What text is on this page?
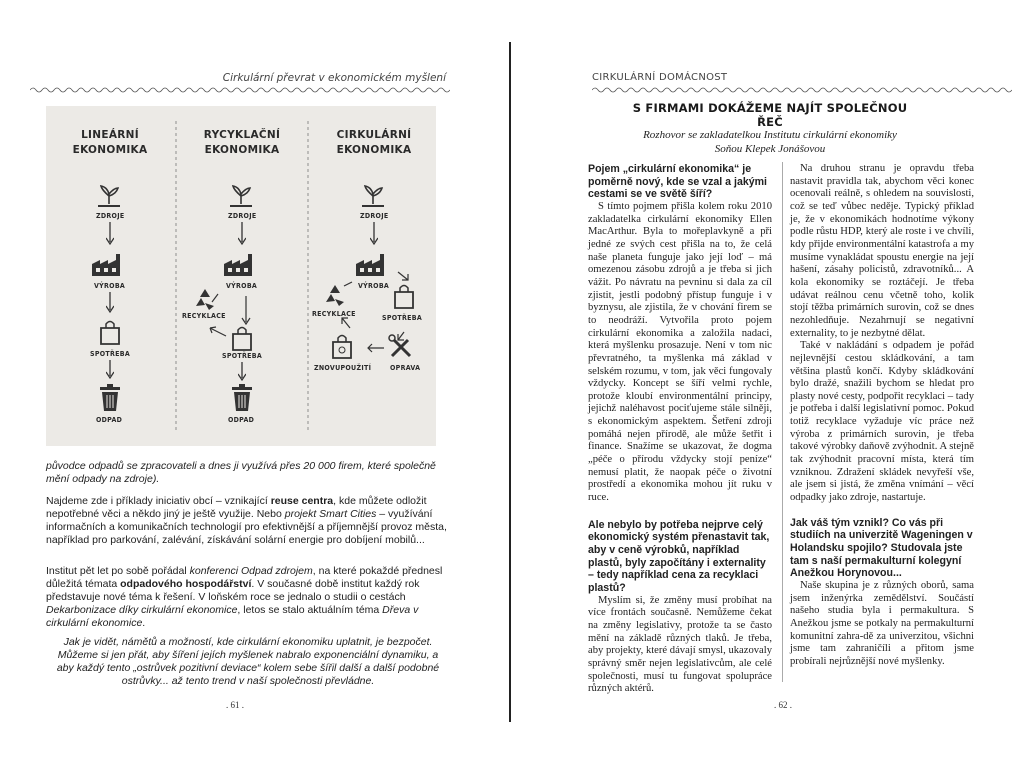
Cirkulární převrat v ekonomickém myšlení
LINEÁRNÍ
EKONOMIKA
ZDROJE
VÝROBA
SPOTŘEBA
ODPAD
RYCYKLAČNÍ
EKONOMIKA
ZDROJE
VÝROBA
RECYKLACE
SPOTŘEBA
ODPAD
CIRKULÁRNÍ
EKONOMIKA
ZDROJE
VÝROBA
RECYKLACE	SPOTŘEBA
ZNOVUPOUŽITÍ	OPRAVA
původce odpadů se zpracovateli a dnes ji využívá přes 20 000 firem, které společně mění odpady na zdroje).
Najdeme zde i příklady iniciativ obcí – vznikající reuse centra, kde můžete odložit nepotřebné věci a někdo jiný je ještě využije. Nebo projekt Smart Cities – využívání informačních a komunikačních technologií pro efektivnější a příjemnější provoz města, například pro parkování, zalévání, získávání solární energie pro dobíjení mobilů...
Institut pět let po sobě pořádal konferenci Odpad zdrojem, na které pokaždé přednesl důležitá témata odpadového hospodářství. V současné době institut každý rok představuje nové téma k řešení. V loňském roce se jednalo o studii o cestách Dekarbonizace díky cirkulární ekonomice, letos se stalo aktuálním téma Dřeva v cirkulární ekonomice.
Jak je vidět, námětů a možností, kde cirkulární ekonomiku uplatnit, je bezpočet. Můžeme si jen přát, aby šíření jejích myšlenek nabralo exponenciální dynamiku, a aby každý tento „ostrůvek pozitivní deviace“ kolem sebe šířil další a další podobné ostrůvky... až tento trend v naší společnosti převládne.
. 61 .
CIRKULÁRNÍ DOMÁCNOST
S FIRMAMI DOKÁŽEME NAJÍT SPOLEČNOU ŘEČ
Rozhovor se zakladatelkou Institutu cirkulární ekonomiky
Soňou Klepek Jonášovou

Pojem „cirkulární ekonomika“ je poměrně nový, kde se vzal a jakými cestami se ve světě šíří?

S tímto pojmem přišla kolem roku 2010 zakladatelka cirkulární ekonomiky Ellen MacArthur. Byla to mořeplavkyně a při jedné ze svých cest přišla na to, že celá naše planeta funguje jako její loď – má omezenou zásobu zdrojů a je třeba si jich vážit. Po návratu na pevninu si dala za cíl zjistit, jestli podobný přístup funguje i v byznysu, ale zjistila, že v chování firem se to neodráží. Vytvořila proto pojem cirkulární ekonomika a založila nadaci, která myšlenku prosazuje. Není v tom nic převratného, ta myšlenka má základ v selském rozumu, v tom, jak věci fungovaly vždycky. Koncept se šíří velmi rychle, protože kloubí environmentální principy, jejichž naléhavost pociťujeme stále silněji, s ekonomickým aspektem. Šetření zdroji pomáhá nejen přírodě, ale může šetřit i finance. Snažíme se ukazovat, že dogma „péče o přírodu vždycky stojí peníze“ nemusí platit, že naopak péče o životní prostředí a ekonomika mohou jít ruku v ruce.

Ale nebylo by potřeba nejprve celý ekonomický systém přenastavit tak, aby v ceně výrobků, například plastů, byly započítány i externality – tedy například cena za recyklaci plastů?

Myslím si, že změny musí probíhat na více frontách současně. Nemůžeme čekat na změny legislativy, protože ta se často mění na základě různých tlaků. Je třeba, aby projekty, které dávají smysl, ukazovaly správný směr nejen legislativcům, ale celé společnosti, musí tu fungovat spolupráce různých aktérů.

Na druhou stranu je opravdu třeba nastavit pravidla tak, abychom věci konec ocenovali reálně, s ohledem na souvislosti, což se teď vůbec neděje. Typický příklad je, že v ekonomikách hodnotíme výkony podle růstu HDP, který ale roste i ve chvíli, kdy přijde environmentální katastrofa a my musíme vynakládat spoustu energie na její hašení, zásahy policistů, zdravotníků... A kola ekonomiky se roztáčejí. Je třeba udávat reálnou cenu včetně toho, kolik stojí těžba primárních surovin, což se dnes nezohledňuje. Nezahrnují se negativní externality, to je nezbytné dělat.

Také v nakládání s odpadem je pořád nejlevnější cestou skládkování, a tam většina plastů končí. Kdyby skládkování bylo dražé, snažili bychom se hledat pro plasty nové cesty, podpořit recyklaci – tady je potřeba i další legislativní pomoc. Pokud totiž recyklace vyžaduje víc práce než výroba z primárních surovin, je třeba takové výrobky daňově zvýhodnit. A stejně tak zvýhodnit pracovní místa, která tím vzniknou. Zdražení skládek nevyřeší vše, ale jsem si jistá, že změna vnímání – věcí odpadky jako zdroje, nastartuje.

Jak váš tým vznikl? Co vás při studiích na univerzitě Wageningen v Holandsku spojilo? Studovala jste tam s naší permakulturní kolegyní Anežkou Horynovou...

Naše skupina je z různých oborů, sama jsem inženýrka zemědělství. Součástí našeho studia byla i permakultura. S Anežkou jsme se potkaly na permakulturní komunitní zahra-dě za univerzitou, všichni jsme tam zahraničíli a přitom jsme probírali nejrůznější nové myšlenky.

. 62 .
